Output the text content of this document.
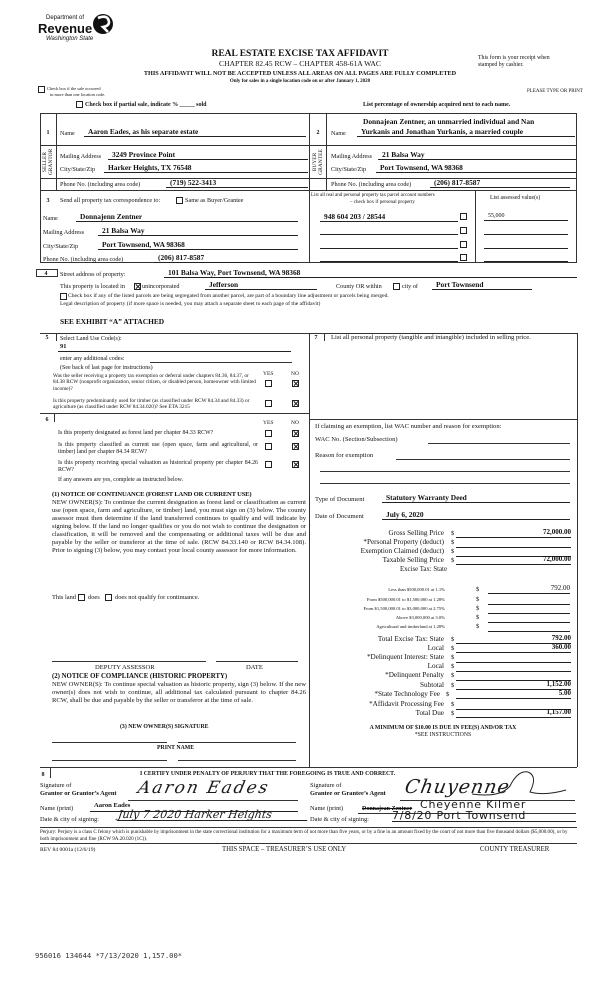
Department of
Revenue
Washington State
REAL ESTATE EXCISE TAX AFFIDAVIT
CHAPTER 82.45 RCW – CHAPTER 458-61A WAC
THIS AFFIDAVIT WILL NOT BE ACCEPTED UNLESS ALL AREAS ON ALL PAGES ARE FULLY COMPLETED
Only for sales in a single location code on or after January 1, 2020
This form is your receipt when
stamped by cashier.
Check box if the sale occurred
in more than one location code.
PLEASE TYPE OR PRINT
Check box if partial sale, indicate % _____ sold	List percentage of ownership acquired next to each name.
1
SELLER
GRANTOR
Name	Aaron Eades, as his separate estate
Mailing Address	3249 Province Point
City/State/Zip	Harker Heights, TX 76548
Phone No. (including area code)	(719) 522-3413
2
BUYER
GRANTEE
Name
Donnajean Zentner, an unmarried individual and Nan
Yurkanis and Jonathan Yurkanis, a married couple
Mailing Address	21 Balsa Way
City/State/Zip	Port Townsend, WA 98368
Phone No. (including area code)	(206) 817-8587
3	Send all property tax correspondence to:	Same as Buyer/Grantee
Name	Donnajenn Zentner
Mailing Address	21 Balsa Way
City/State/Zip	Port Townsend, WA 98368
Phone No. (including area code)	(206) 817-8587
List all real and personal property tax parcel account numbers
– check box if personal property
List assessed value(s)
948 604 203 / 28544	55,000
4	Street address of property:	101 Balsa Way, Port Townsend, WA 98368
This property is located in	unincorporated	Jefferson	County OR within	city of	Port Townsend
Check box if any of the listed parcels are being segregated from another parcel, are part of a boundary line adjustment or parcels being merged.
Legal description of property (if more space is needed, you may attach a separate sheet to each page of the affidavit)
SEE EXHIBIT “A” ATTACHED
5	Select Land Use Code(s):
91
enter any additional codes:
(See back of last page for instructions)
YES	NO
Was the seller receiving a property tax exemption or deferral under chapters 84.36, 84.37, or 84.38 RCW (nonprofit organization, senior citizen, or disabled person, homeowner with limited income)?
Is this property predominantly used for timber (as classified under RCW 84.34 and 84.33) or agriculture (as classified under RCW 84.34.020)? See ETA 3215
6	YES	NO
Is this property designated as forest land per chapter 84.33 RCW?
Is this property classified as current use (open space, farm and agricultural, or timber) land per chapter 84.34 RCW?
Is this property receiving special valuation as historical property per chapter 84.26 RCW?
If any answers are yes, complete as instructed below.
(1) NOTICE OF CONTINUANCE (FOREST LAND OR CURRENT USE)
NEW OWNER(S): To continue the current designation as forest land or classification as current use (open space, farm and agriculture, or timber) land, you must sign on (3) below. The county assessor must then determine if the land transferred continues to qualify and will indicate by signing below. If the land no longer qualifies or you do not wish to continue the designation or classification, it will be removed and the compensating or additional taxes will be due and payable by the seller or transferor at the time of sale. (RCW 84.33.140 or RCW 84.34.108). Prior to signing (3) below, you may contact your local county assessor for more information.
This land does does not qualify for continuance.
DEPUTY ASSESSOR	DATE
(2) NOTICE OF COMPLIANCE (HISTORIC PROPERTY)
NEW OWNER(S): To continue special valuation as historic property, sign (3) below. If the new owner(s) does not wish to continue, all additional tax calculated pursuant to chapter 84.26 RCW, shall be due and payable by the seller or transferor at the time of sale.
(3) NEW OWNER(S) SIGNATURE
PRINT NAME
7	List all personal property (tangible and intangible) included in selling price.
If claiming an exemption, list WAC number and reason for exemption:
WAC No. (Section/Subsection)
Reason for exemption
Type of Document	Statutory Warranty Deed
Date of Document	July 6, 2020
Gross Selling Price $	72,000.00
*Personal Property (deduct) $
Exemption Claimed (deduct) $
Taxable Selling Price $	72,000.00
Excise Tax: State
Less than $500,000.01 at 1.1%	$	792.00
From $500,000.01 to $1,500,000 at 1.28%	$
From $1,500,000.01 to $3,000,000 at 2.75%	$
Above $3,000,000 at 3.0%	$
Agricultural and timberland at 1.28%	$
Total Excise Tax: State $	792.00
Local $	360.00
*Delinquent Interest: State $
Local $
*Delinquent Penalty $
Subtotal $	1,152.00
*State Technology Fee $	5.00
*Affidavit Processing Fee $
Total Due $	1,157.00
A MINIMUM OF $10.00 IS DUE IN FEE(S) AND/OR TAX
*SEE INSTRUCTIONS
8	I CERTIFY UNDER PENALTY OF PERJURY THAT THE FOREGOING IS TRUE AND CORRECT.
Signature of
Grantor or Grantor’s Agent Aaron Eades
Name (print)	Aaron Eades
Date & city of signing: July 7 2020 Harker Heights
Signature of
Grantee or Grantee’s Agent Chuyenne
Name (print)	Donnajean Zentner Cheyenne Kilmer
Date & city of signing: 7/8/20 Port Townsend
Perjury: Perjury is a class C felony which is punishable by imprisonment in the state correctional institution for a maximum term of not more than five years, or by a fine in an amount fixed by the court of not more than five thousand dollars ($5,000.00), or by both imprisonment and fine (RCW 9A.20.020 (1C)).
REV 84 0001a (12/6/19)	THIS SPACE – TREASURER’S USE ONLY	COUNTY TREASURER
956016 134644 *7/13/2020 1,157.00*
